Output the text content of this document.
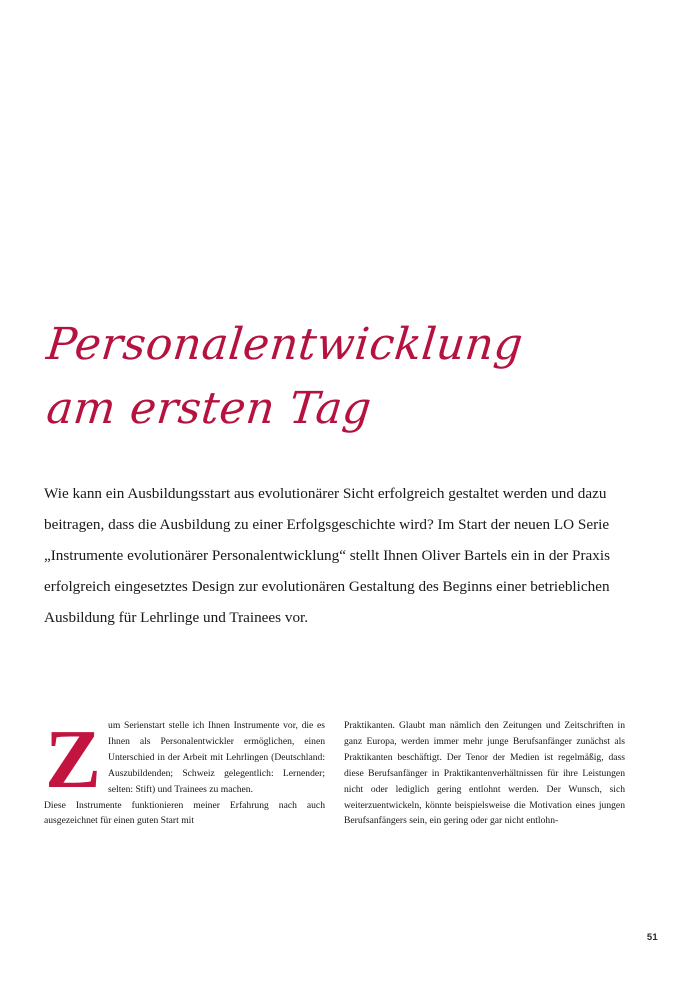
Personalentwicklung
am ersten Tag
Wie kann ein Ausbildungsstart aus evolutionärer Sicht erfolgreich gestaltet werden und dazu beitragen, dass die Ausbildung zu einer Erfolgsgeschichte wird? Im Start der neuen LO Serie „Instrumente evolutionärer Personalentwicklung“ stellt Ihnen Oliver Bartels ein in der Praxis erfolgreich eingesetztes Design zur evolutionären Gestaltung des Beginns einer betrieblichen Ausbildung für Lehrlinge und Trainees vor.
Z um Serienstart stelle ich Ihnen Instrumente vor, die es Ihnen als Personalentwickler ermöglichen, einen Unterschied in der Arbeit mit Lehrlingen (Deutschland: Auszubildenden; Schweiz gelegentlich: Lernender; selten: Stift) und Trainees zu machen.

Diese Instrumente funktionieren meiner Erfahrung nach auch ausgezeichnet für einen guten Start mit

Praktikanten. Glaubt man nämlich den Zeitungen und Zeitschriften in ganz Europa, werden immer mehr junge Berufsanfänger zunächst als Praktikanten beschäftigt. Der Tenor der Medien ist regelmäßig, dass diese Berufsanfänger in Praktikantenverhältnissen für ihre Leistungen nicht oder lediglich gering entlohnt werden. Der Wunsch, sich weiterzuentwickeln, könnte beispielsweise die Motivation eines jungen Berufsanfängers sein, ein gering oder gar nicht entlohn-

51
